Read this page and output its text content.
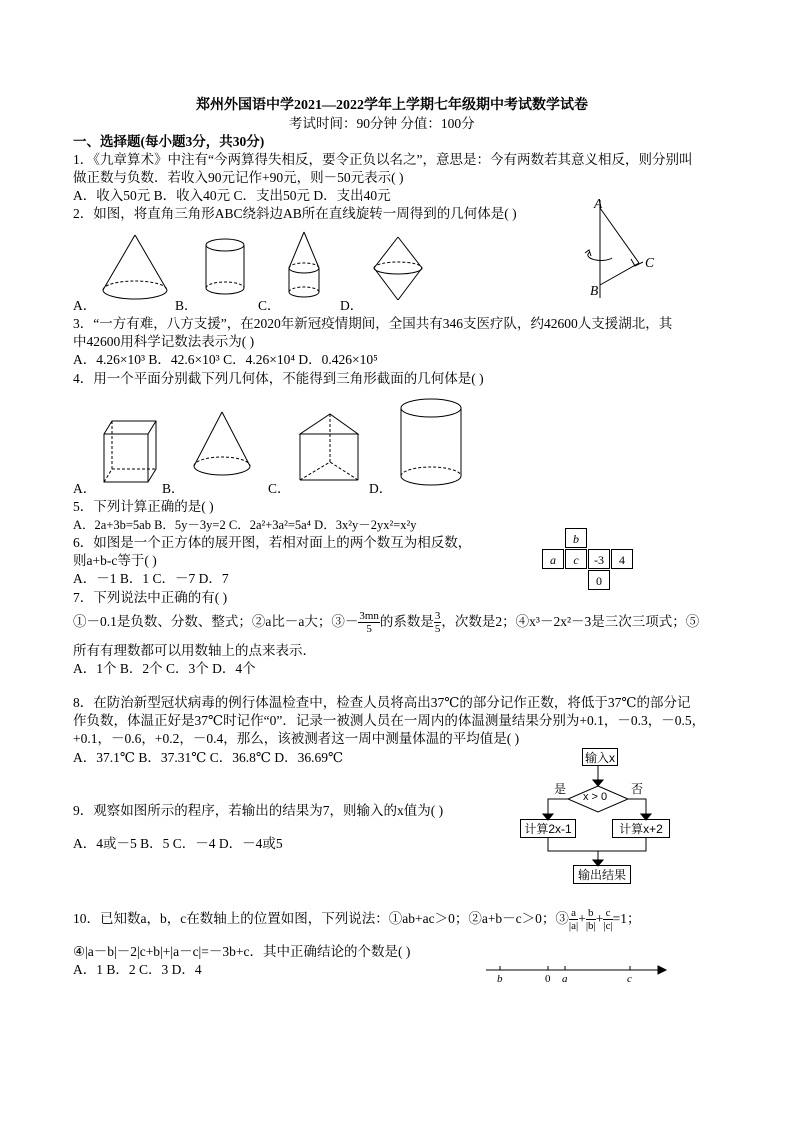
郑州外国语中学2021—2022学年上学期七年级期中考试数学试卷
考试时间：90分钟 分值：100分
一、选择题(每小题3分，共30分)
1．《九章算术》中注有“今两算得失相反，要令正负以名之”，意思是：今有两数若其意义相反，则分别叫
做正数与负数．若收入90元记作+90元，则－50元表示( )
A．收入50元 B．收入40元 C．支出50元 D．支出40元
2．如图，将直角三角形ABC绕斜边AB所在直线旋转一周得到的几何体是( )
A
B
C
A．	B．	C．	D．
3．“一方有难，八方支援”，在2020年新冠疫情期间，全国共有346支医疗队，约42600人支援湖北，其
中42600用科学记数法表示为( )
A．4.26×10³ B．42.6×10³ C．4.26×10⁴ D．0.426×10⁵
4．用一个平面分别截下列几何体，不能得到三角形截面的几何体是( )
A．	B．	C．	D．
5．下列计算正确的是( )
A．2a+3b=5ab B．5y－3y=2 C．2a²+3a²=5a⁴ D．3x²y－2yx²=x²y
6．如图是一个正方体的展开图，若相对面上的两个数互为相反数，
则a+b-c等于( )
A．－1 B．1 C．－7 D．7
b
a	c	-3	4
0
7．下列说法中正确的有( )
①－0.1是负数、分数、整式；②a比－a大；③－ $\frac{3mn}{5}$ 的系数是 $\frac{3}{5}$ ，次数是2；④x³－2x²－3是三次三项式；⑤
所有有理数都可以用数轴上的点来表示．
A．1个 B．2个 C．3个 D．4个
8．在防治新型冠状病毒的例行体温检查中，检查人员将高出37℃的部分记作正数，将低于37℃的部分记
作负数，体温正好是37℃时记作“0”．记录一被测人员在一周内的体温测量结果分别为+0.1，－0.3，－0.5，
+0.1，－0.6，+0.2，－0.4，那么，该被测者这一周中测量体温的平均值是( )
A．37.1℃ B．37.31℃ C．36.8℃ D．36.69℃	输入x
x > 0
是	否
计算2x-1	计算x+2
输出结果
9．观察如图所示的程序，若输出的结果为7，则输入的x值为( )
A．4或－5 B．5 C．－4 D．－4或5
10．已知数a，b，c在数轴上的位置如图，下列说法：①ab+ac＞0；②a+b－c＞0；③ $\frac{a}{|a|} + \frac{b}{|b|} + \frac{c}{|c|} =1$；
④|a－b|－2|c+b|+|a－c|=－3b+c．其中正确结论的个数是( )
A．1 B．2 C．3 D．4
b	0 a	c
